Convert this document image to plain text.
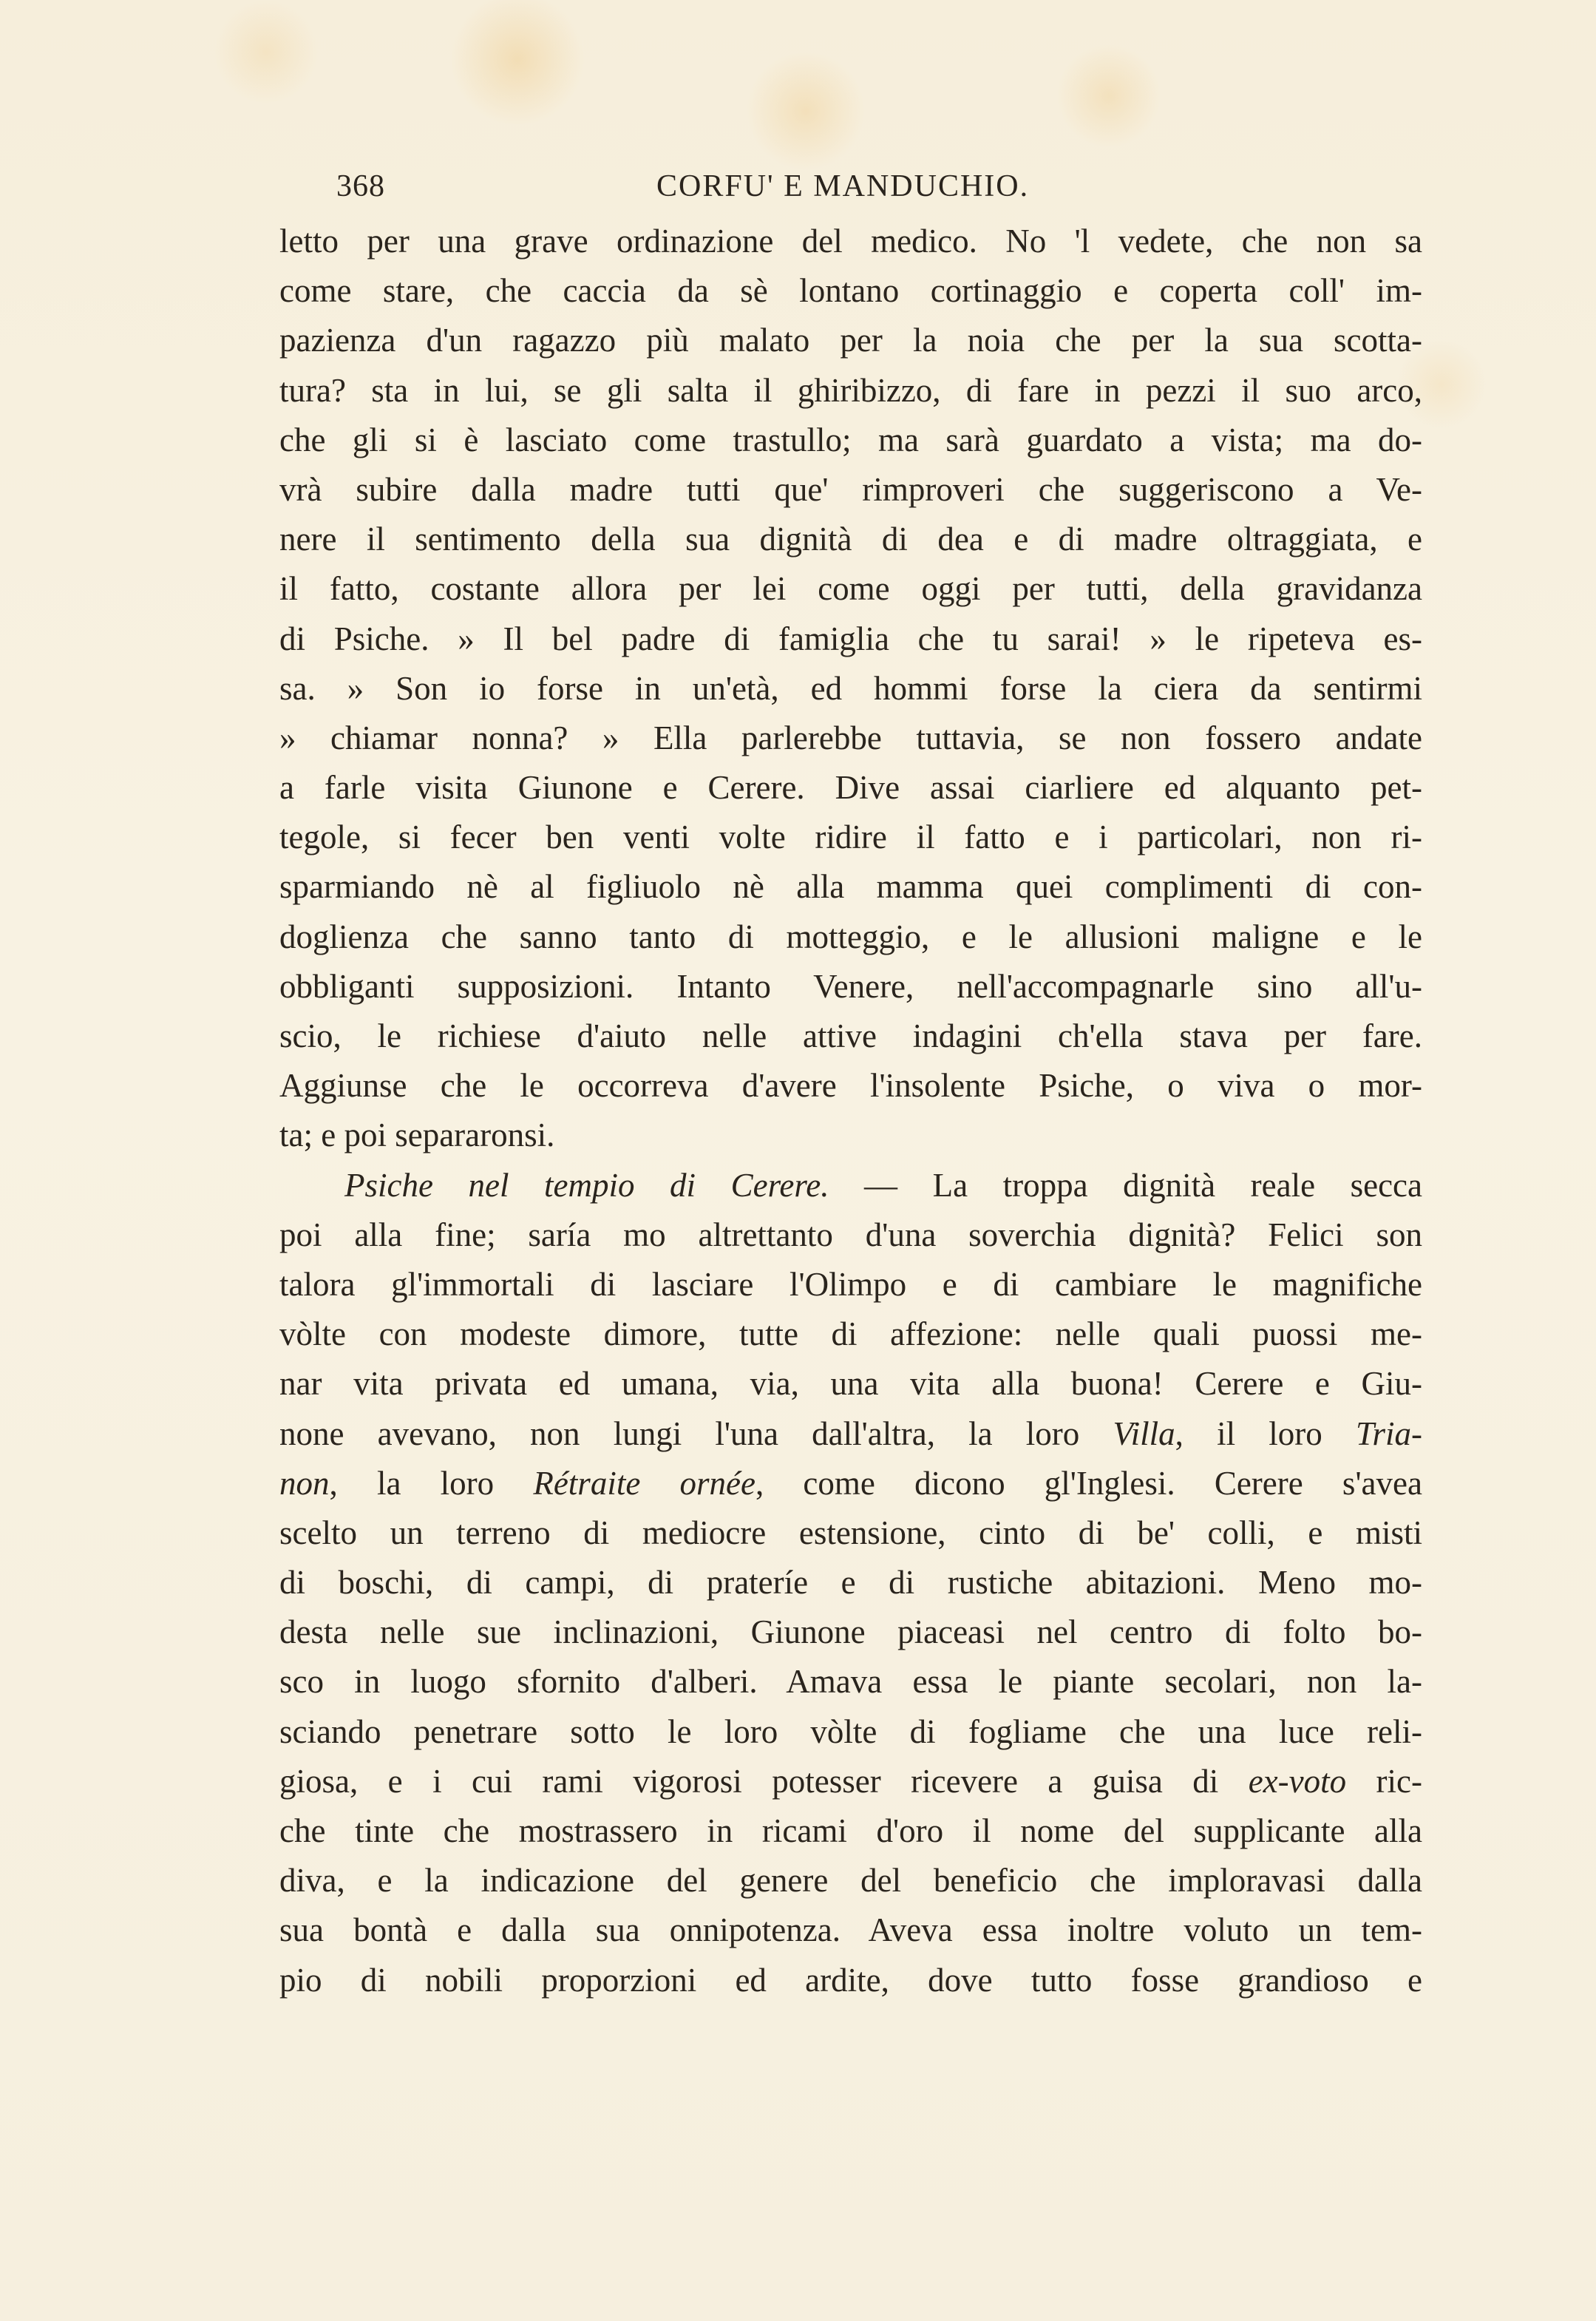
368	CORFU' E MANDUCHIO.
letto per una grave ordinazione del medico. No 'l vedete, che non sa
come stare, che caccia da sè lontano cortinaggio e coperta coll' im-
pazienza d'un ragazzo più malato per la noia che per la sua scotta-
tura? sta in lui, se gli salta il ghiribizzo, di fare in pezzi il suo arco,
che gli si è lasciato come trastullo; ma sarà guardato a vista; ma do-
vrà subire dalla madre tutti que' rimproveri che suggeriscono a Ve-
nere il sentimento della sua dignità di dea e di madre oltraggiata, e
il fatto, costante allora per lei come oggi per tutti, della gravidanza
di Psiche. » Il bel padre di famiglia che tu sarai! » le ripeteva es-
sa. » Son io forse in un'età, ed hommi forse la ciera da sentirmi
» chiamar nonna? » Ella parlerebbe tuttavia, se non fossero andate
a farle visita Giunone e Cerere. Dive assai ciarliere ed alquanto pet-
tegole, si fecer ben venti volte ridire il fatto e i particolari, non ri-
sparmiando nè al figliuolo nè alla mamma quei complimenti di con-
doglienza che sanno tanto di motteggio, e le allusioni maligne e le
obbliganti supposizioni. Intanto Venere, nell'accompagnarle sino all'u-
scio, le richiese d'aiuto nelle attive indagini ch'ella stava per fare.
Aggiunse che le occorreva d'avere l'insolente Psiche, o viva o mor-
ta; e poi separaronsi.
Psiche nel tempio di Cerere. — La troppa dignità reale secca
poi alla fine; saría mo altrettanto d'una soverchia dignità? Felici son
talora gl'immortali di lasciare l'Olimpo e di cambiare le magnifiche
vòlte con modeste dimore, tutte di affezione: nelle quali puossi me-
nar vita privata ed umana, via, una vita alla buona! Cerere e Giu-
none avevano, non lungi l'una dall'altra, la loro Villa, il loro Tria-
non, la loro Rétraite ornée, come dicono gl'Inglesi. Cerere s'avea
scelto un terreno di mediocre estensione, cinto di be' colli, e misti
di boschi, di campi, di prateríe e di rustiche abitazioni. Meno mo-
desta nelle sue inclinazioni, Giunone piaceasi nel centro di folto bo-
sco in luogo sfornito d'alberi. Amava essa le piante secolari, non la-
sciando penetrare sotto le loro vòlte di fogliame che una luce reli-
giosa, e i cui rami vigorosi potesser ricevere a guisa di ex-voto ric-
che tinte che mostrassero in ricami d'oro il nome del supplicante alla
diva, e la indicazione del genere del beneficio che imploravasi dalla
sua bontà e dalla sua onnipotenza. Aveva essa inoltre voluto un tem-
pio di nobili proporzioni ed ardite, dove tutto fosse grandioso e
